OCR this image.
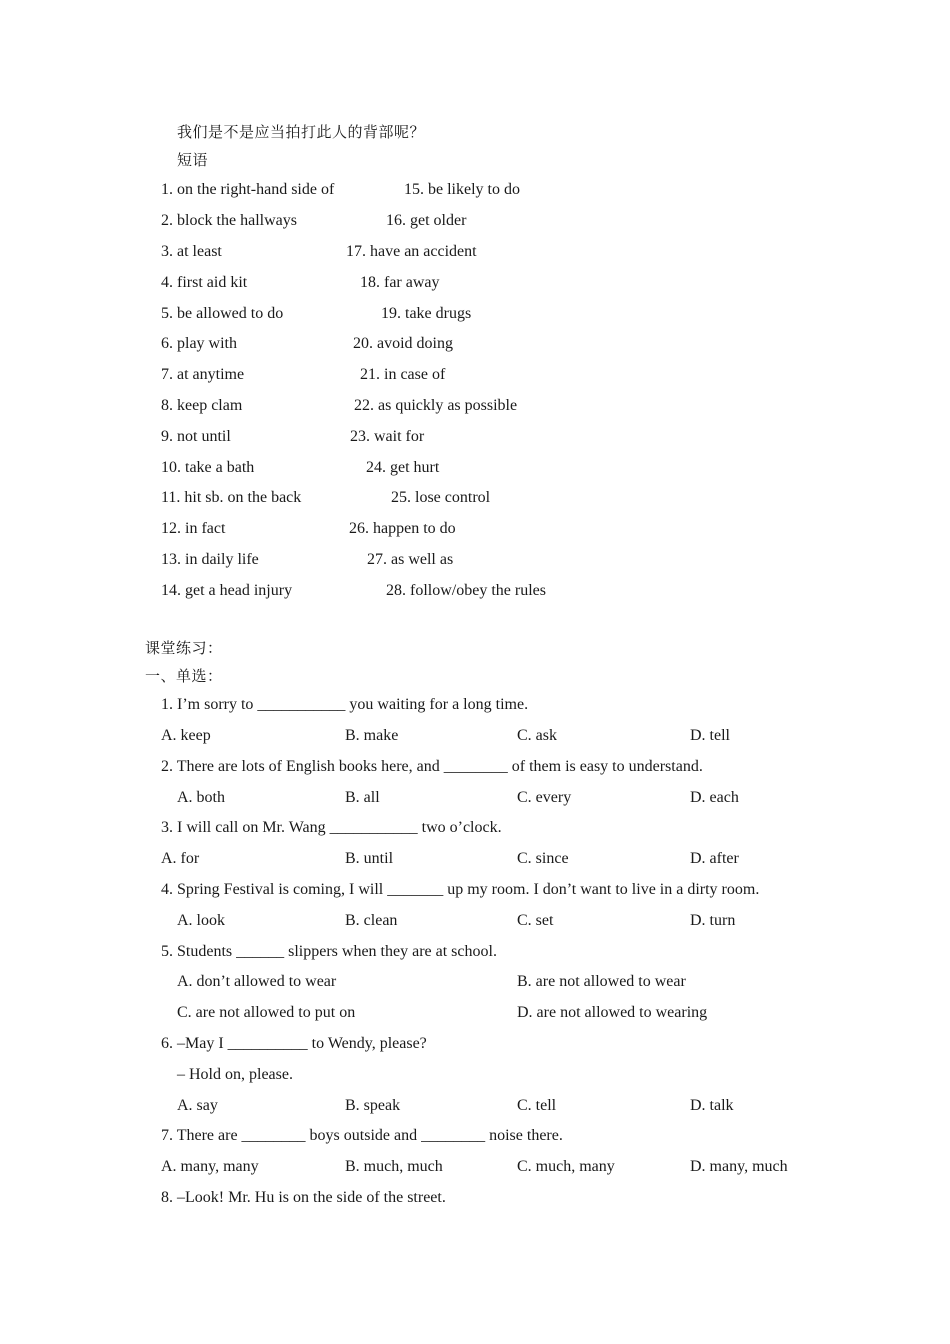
我们是不是应当拍打此人的背部呢？
短语
1. on the right-hand side of	15. be likely to do
2. block the hallways	16. get older
3. at least	17. have an accident
4. first aid kit	18. far away
5. be allowed to do	19. take drugs
6. play with	20. avoid doing
7. at anytime	21. in case of
8. keep clam	22. as quickly as possible
9. not until	23. wait for
10. take a bath	24. get hurt
11. hit sb. on the back	25. lose control
12. in fact	26. happen to do
13. in daily life	27. as well as
14. get a head injury	28. follow/obey the rules
课堂练习：
一、单选：
1. I’m sorry to ___________ you waiting for a long time.
A. keep	B. make	C. ask	D. tell
2. There are lots of English books here, and ________ of them is easy to understand.
A. both	B. all	C. every	D. each
3. I will call on Mr. Wang ___________ two o’clock.
A. for	B. until	C. since	D. after
4. Spring Festival is coming, I will _______ up my room. I don’t want to live in a dirty room.
A. look	B. clean	C. set	D. turn
5. Students ______ slippers when they are at school.
A. don’t allowed to wear	B. are not allowed to wear
C. are not allowed to put on	D. are not allowed to wearing
6. –May I __________ to Wendy, please?
– Hold on, please.
A. say	B. speak	C. tell	D. talk
7. There are ________ boys outside and ________ noise there.
A. many, many	B. much, much	C. much, many	D. many, much
8. –Look! Mr. Hu is on the side of the street.
